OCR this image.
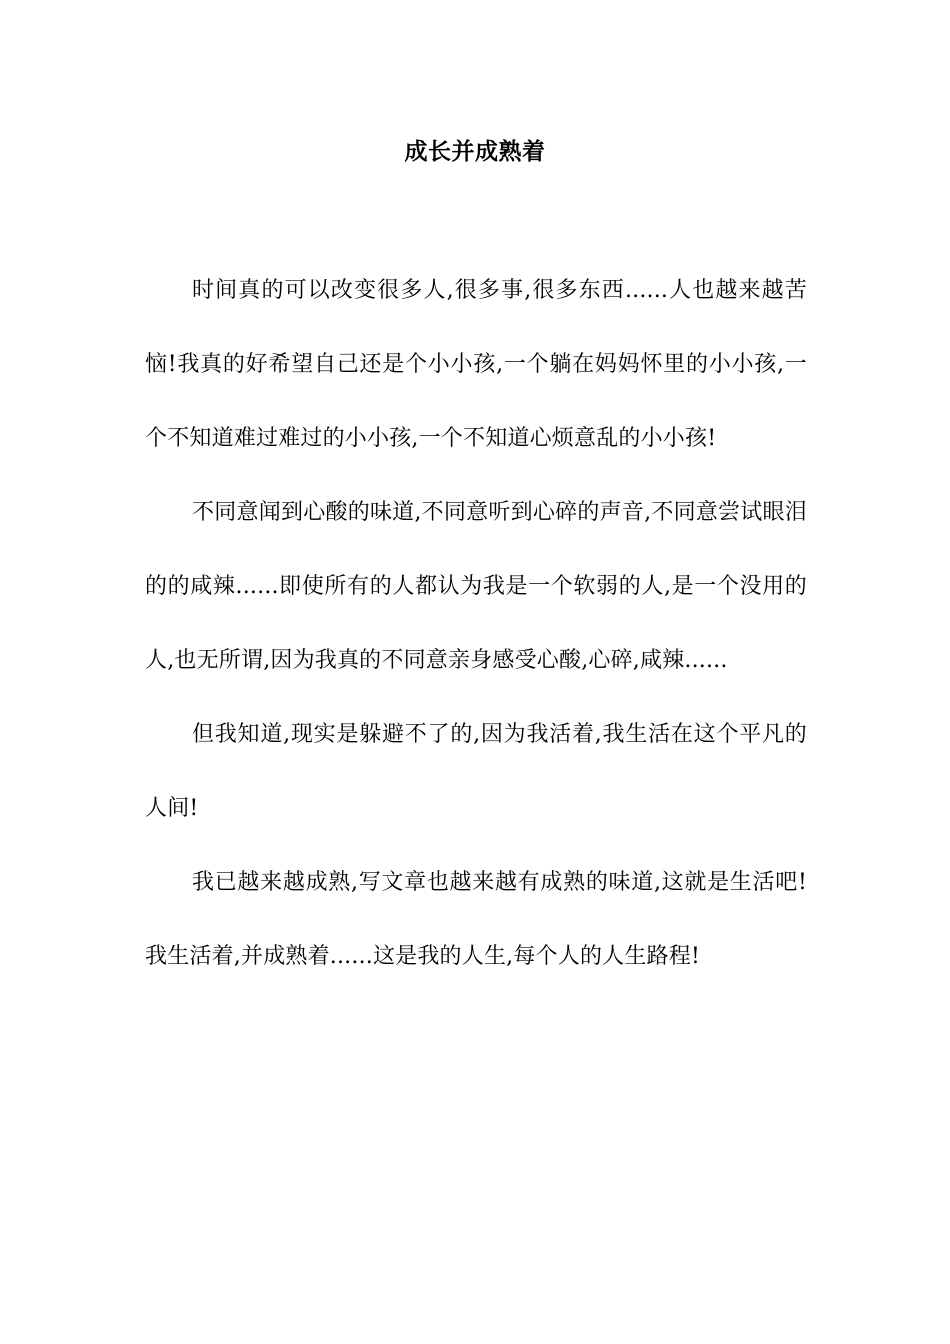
成长并成熟着

时间真的可以改变很多人,很多事,很多东西......人也越来越苦恼!我真的好希望自己还是个小小孩,一个躺在妈妈怀里的小小孩,一个不知道难过难过的小小孩,一个不知道心烦意乱的小小孩!

不同意闻到心酸的味道,不同意听到心碎的声音,不同意尝试眼泪的的咸辣......即使所有的人都认为我是一个软弱的人,是一个没用的人,也无所谓,因为我真的不同意亲身感受心酸,心碎,咸辣......

但我知道,现实是躲避不了的,因为我活着,我生活在这个平凡的人间!

我已越来越成熟,写文章也越来越有成熟的味道,这就是生活吧!我生活着,并成熟着......这是我的人生,每个人的人生路程!
